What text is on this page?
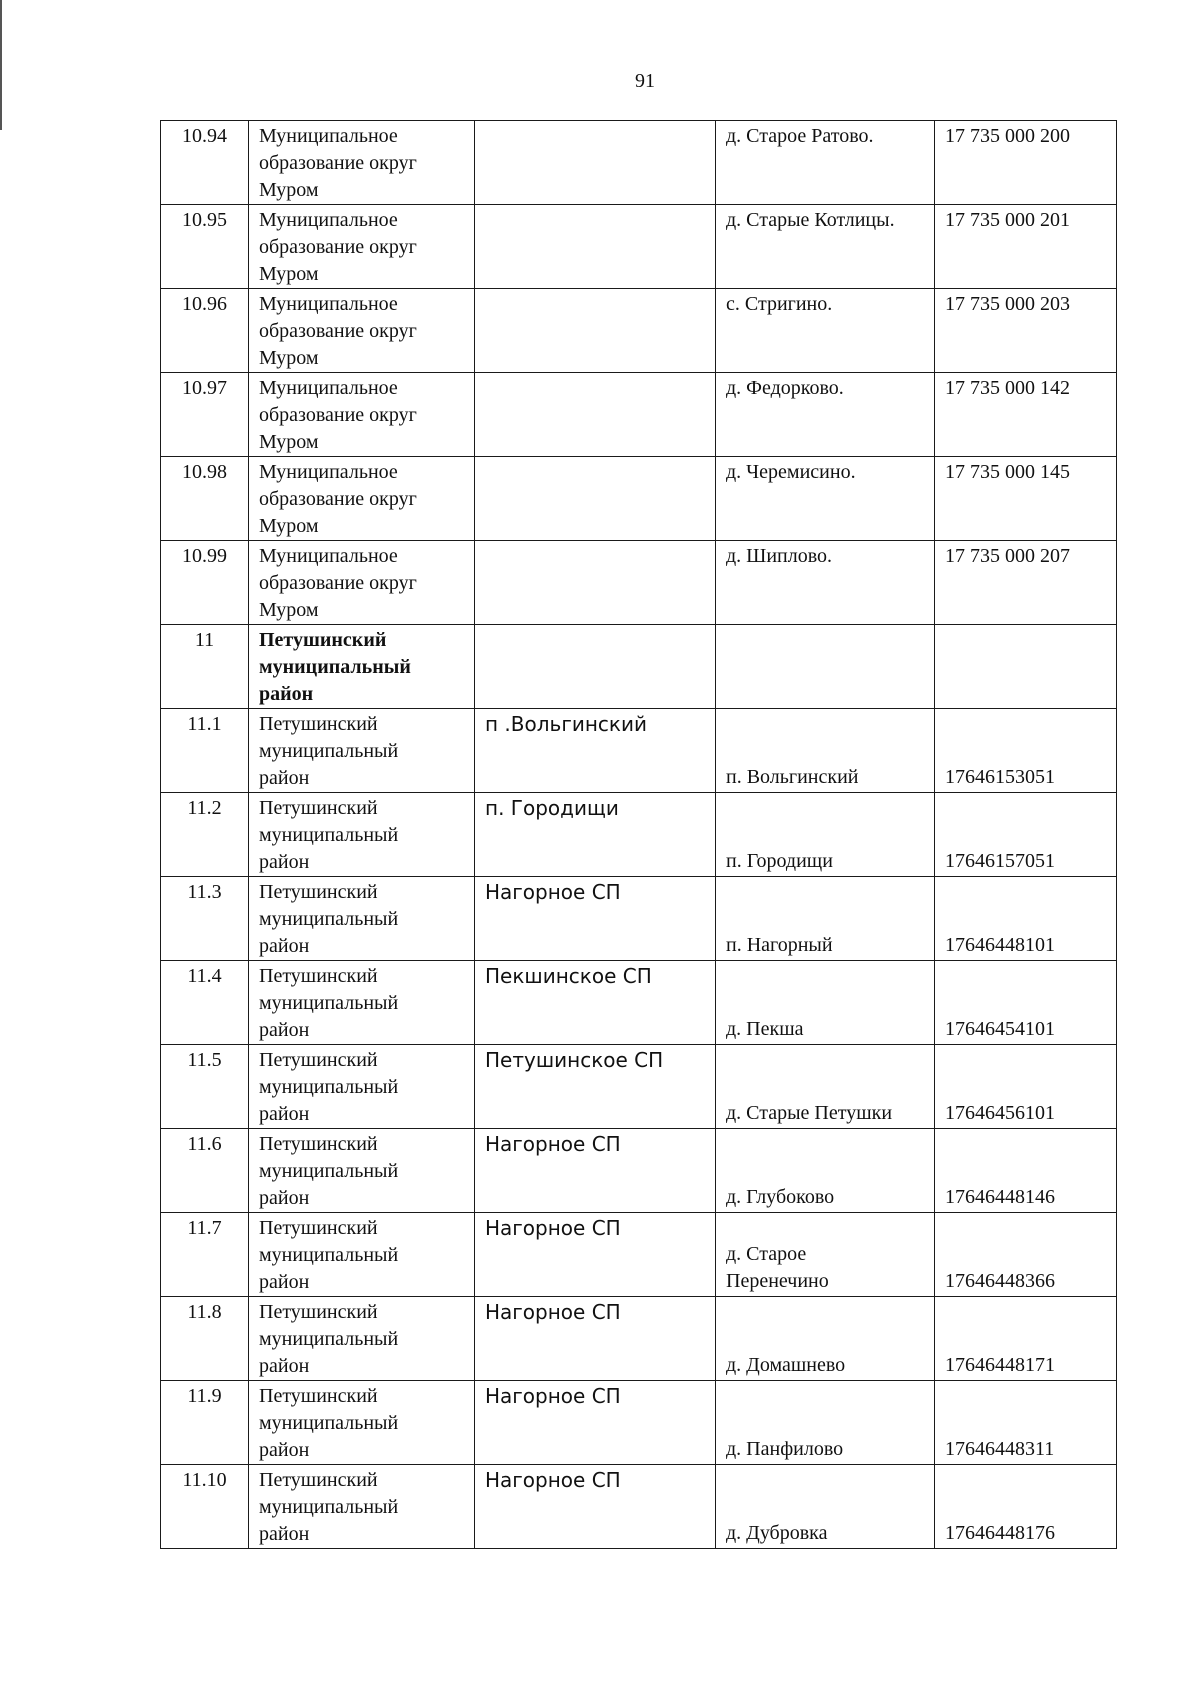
91
10.94	Муниципальное
образование округ
Муром		д. Старое Ратово.	17 735 000 200
10.95	Муниципальное
образование округ
Муром		д. Старые Котлицы.	17 735 000 201
10.96	Муниципальное
образование округ
Муром		с. Стригино.	17 735 000 203
10.97	Муниципальное
образование округ
Муром		д. Федорково.	17 735 000 142
10.98	Муниципальное
образование округ
Муром		д. Черемисино.	17 735 000 145
10.99	Муниципальное
образование округ
Муром		д. Шиплово.	17 735 000 207
11	Петушинский
муниципальный
район			
11.1	Петушинский
муниципальный
район	п .Вольгинский	п. Вольгинский	17646153051

11.2	Петушинский
муниципальный
район	п. Городищи	п. Городищи	17646157051

11.3	Петушинский
муниципальный
район	Нагорное СП	п. Нагорный	17646448101

11.4	Петушинский
муниципальный
район	Пекшинское СП	д. Пекша	17646454101

11.5	Петушинский
муниципальный
район	Петушинское СП	д. Старые Петушки	17646456101

11.6	Петушинский
муниципальный
район	Нагорное СП	д. Глубоково	17646448146

11.7	Петушинский
муниципальный
район	Нагорное СП	д. Старое
Перенечино	17646448366

11.8	Петушинский
муниципальный
район	Нагорное СП	д. Домашнево	17646448171

11.9	Петушинский
муниципальный
район	Нагорное СП	д. Панфилово	17646448311

11.10	Петушинский
муниципальный
район	Нагорное СП	д. Дубровка	17646448176
